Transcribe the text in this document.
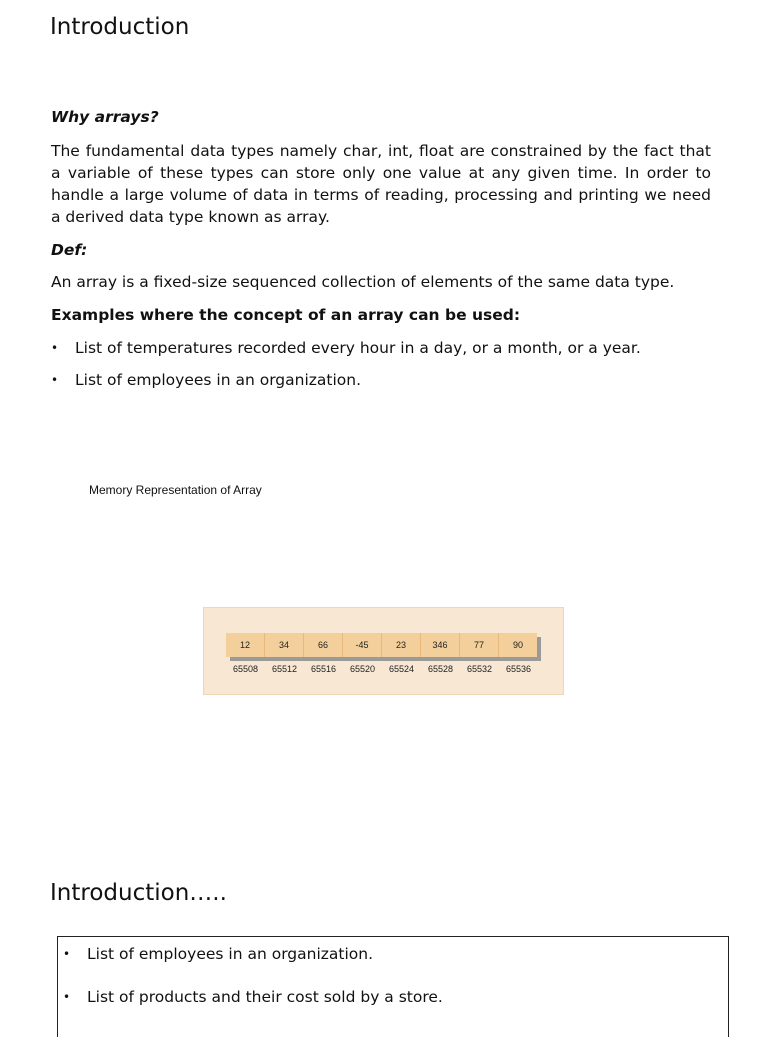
Introduction

Why arrays?

The fundamental data types namely char, int, float are constrained by the fact that a variable of these types can store only one value at any given time. In order to handle a large volume of data in terms of reading, processing and printing we need a derived data type known as array.

Def:

An array is a fixed-size sequenced collection of elements of the same data type.

Examples where the concept of an array can be used:

• List of temperatures recorded every hour in a day, or a month, or a year.
• List of employees in an organization.
Memory Representation of Array
12	34	66	-45	23	346	77	90
65508	65512	65516	65520	65524	65528	65532	65536
Introduction…..
• List of employees in an organization.
• List of products and their cost sold by a store.
